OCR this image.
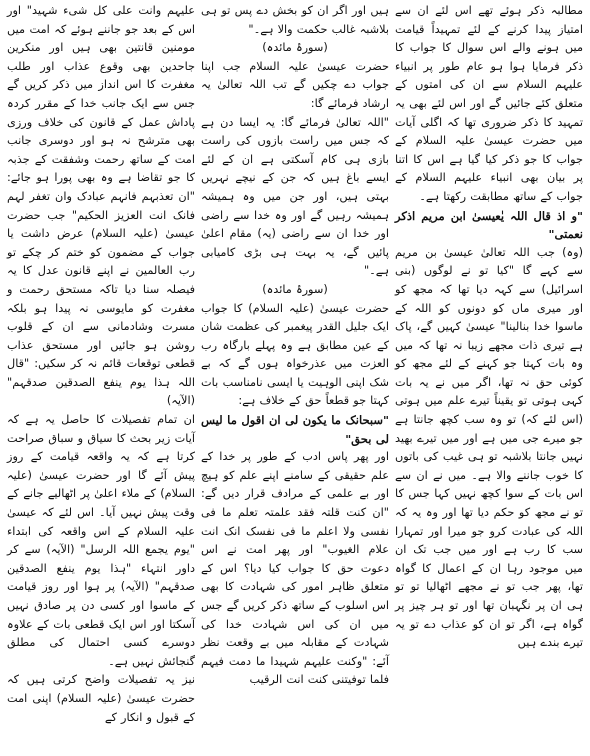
مطالبہ ذکر ہوئے تھے اس لئے ان سے امتیاز پیدا کرنے کے لئے تمہیداً قیامت میں ہونے والے اس سوال کا جواب کا ذکر فرمایا ہوا ہو عام طور پر انبیاء علیہم السلام سے ان کی امتوں کے متعلق کئے جائیں گے اور اس لئے بھی یہ تمہید کا ذکر ضروری تھا کہ اگلی آیات میں حضرت عیسیٰ علیہ السلام کے جواب کا جو ذکر کیا گیا ہے اس کا اتنا پر بیان بھی انبیاء علیہم السلام کے جواب کے ساتھ مطابقت رکھتا ہے۔

"و اذ قال اللہ یٰعیسیٰ ابن مریم اذکر نعمتی"

(وہ) جب اللہ تعالیٰ عیسیٰ بن مریم سے کہے گا "کیا تو نے لوگوں (بنی اسرائیل) سے کہہ دیا تھا کہ مجھ کو اور میری ماں کو دونوں کو اللہ کے ماسوا خدا بنالینا" عیسیٰ کہیں گے، پاک ہے تیری ذات مجھے زیبا نہ تھا کہ میں وہ بات کہتا جو کہنے کے لئے مجھ کو کوئی حق نہ تھا، اگر میں نے یہ بات کہی ہوتی تو یقیناً تیرے علم میں ہوتی (اس لئے کہ) تو وہ سب کچھ جانتا ہے جو میرے جی میں ہے اور میں تیرے بھید نہیں جانتا بلاشبہ تو ہی غیب کی باتوں کا خوب جاننے والا ہے۔ میں نے ان سے اس بات کے سوا کچھ نہیں کہا جس کا تو نے مجھ کو حکم دیا تھا اور وہ یہ کہ اللہ کی عبادت کرو جو میرا اور تمہارا سب کا رب ہے اور میں جب تک ان میں موجود رہا ان کے اعمال کا گواہ تھا، پھر جب تو نے مجھے اٹھالیا تو تو ہی ان پر نگہبان تھا اور تو ہر چیز پر گواہ ہے، اگر تو ان کو عذاب دے تو یہ تیرے بندے ہیں

ہیں اور اگر ان کو بخش دے پس تو ہی بلاشبہ غالب حکمت والا ہے۔"

(سورۂ مائدہ)

حضرت عیسیٰ علیہ السلام جب اپنا جواب دے چکیں گے تب اللہ تعالیٰ یہ ارشاد فرمائے گا:

"اللہ تعالیٰ فرمائے گا: یہ ایسا دن ہے کہ جس میں راست بازوں کی راست بازی ہی کام آسکتی ہے ان کے لئے ایسے باغ ہیں کہ جن کے نیچے نہریں بہتی ہیں، اور جن میں وہ ہمیشہ ہمیشہ رہیں گے اور وہ خدا سے راضی اور خدا ان سے راضی (یہ) مقام اعلیٰ پائیں گے، یہ بہت ہی بڑی کامیابی ہے۔"

(سورۂ مائدہ)

حضرت عیسیٰ (علیہ السلام) کا جواب ایک جلیل القدر پیغمبر کی عظمت شان کے عین مطابق ہے وہ پہلے بارگاہ رب العزت میں عذرخواہ ہوں گے کہ بے شک اپنی الوہیت یا ایسی نامناسب بات کہتا جو قطعاً حق کے خلاف ہے:

"سبحانک ما یکون لی ان اقول ما لیس لی بحق"

اور پھر پاس ادب کے طور پر خدا کے علم حقیقی کے سامنے اپنے علم کو ہیچ اور بے علمی کے مرادف قرار دیں گے: "ان کنت قلتہ فقد علمتہ تعلم ما فی نفسی ولا اعلم ما فی نفسک انک انت علام الغیوب" اور پھر امت نے اس دعوت حق کا جواب کیا دیا؟ اس کے متعلق ظاہر امور کی شہادت کا بھی اس اسلوب کے ساتھ ذکر کریں گے جس میں ان کی اس شہادت خدا کی شہادت کے مقابلہ میں بے وقعت نظر آئے: "وکنت علیہم شہیدا ما دمت فیہم فلما توفیتنی کنت انت الرقیب

علیہم وانت علی کل شیء شہید" اور اس کے بعد جو جاننے ہوئے کہ امت میں مومنین قانتین بھی ہیں اور منکرین جاحدین بھی وقوع عذاب اور طلب مغفرت کا اس انداز میں ذکر کریں گے جس سے ایک جانب خدا کے مقرر کردہ پاداش عمل کے قانون کی خلاف ورزی بھی مترشح نہ ہو اور دوسری جانب امت کے ساتھ رحمت وشفقت کے جذبہ کا جو تقاضا ہے وہ بھی پورا ہو جائے: "ان تعذبہم فانہم عبادک وان تغفر لہم فانک انت العزیز الحکیم" جب حضرت عیسیٰ (علیہ السلام) عرض داشت یا جواب کے مضمون کو ختم کر چکے تو رب العالمین نے اپنے قانون عدل کا یہ فیصلہ سنا دیا تاکہ مستحق رحمت و مغفرت کو مایوسی نہ پیدا ہو بلکہ مسرت وشادمانی سے ان کے قلوب روشن ہو جائیں اور مستحق عذاب قطعی توقعات قائم نہ کر سکیں: "قال اللہ ہذا یوم ینفع الصدقین صدقہم" (الآیہ)

ان تمام تفصیلات کا حاصل یہ ہے کہ آیات زیر بحث کا سیاق و سباق صراحت کرتا ہے کہ یہ واقعہ قیامت کے روز پیش آئے گا اور حضرت عیسیٰ (علیہ السلام) کے ملاء اعلیٰ پر اٹھالیے جانے کے وقت پیش نہیں آیا۔ اس لئے کہ عیسیٰ علیہ السلام کے اس واقعہ کی ابتداء "یوم یجمع اللہ الرسل" (الآیہ) سے کر داور انتہاء "ہذا یوم ینفع الصدقین صدقہم" (الآیہ) پر ہوا اور روز قیامت کے ماسوا اور کسی دن پر صادق نہیں آسکتا اور اس ایک قطعی بات کے علاوہ دوسرے کسی احتمال کی مطلق گنجائش نہیں ہے۔

نیز یہ تفصیلات واضح کرتی ہیں کہ حضرت عیسیٰ (علیہ السلام) اپنی امت کے قبول و انکار کے
